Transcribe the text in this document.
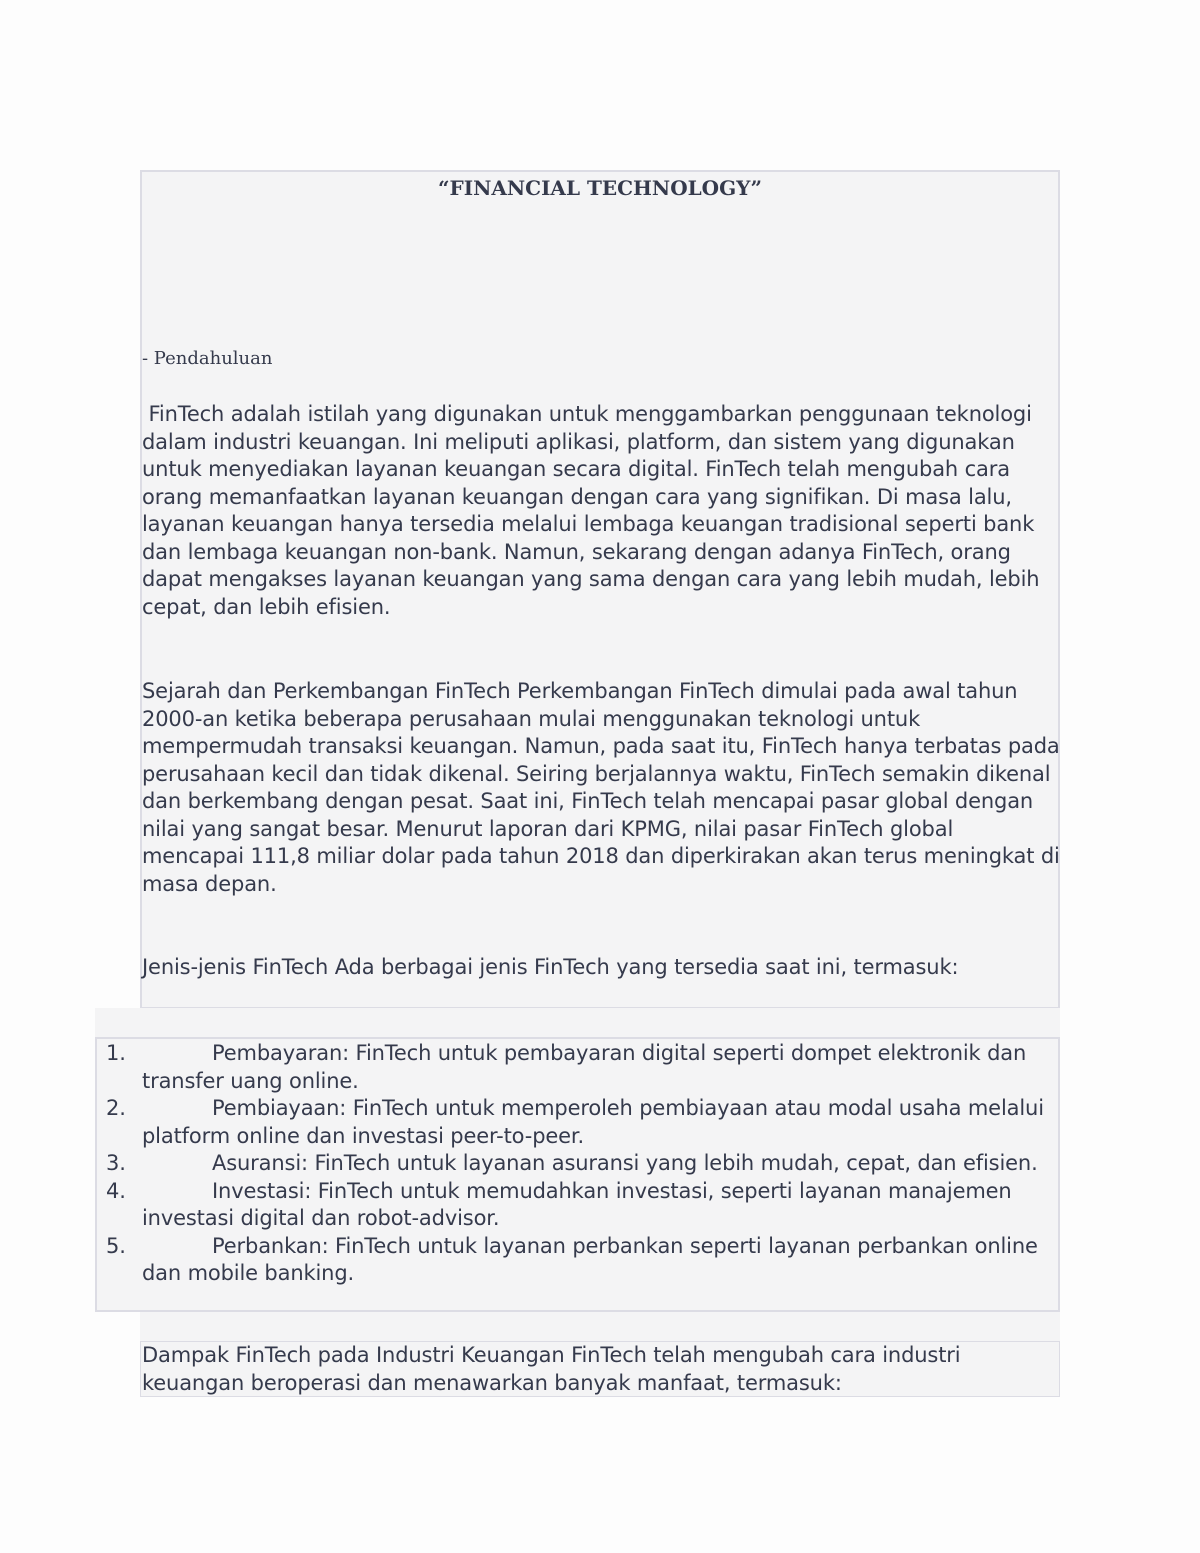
“FINANCIAL TECHNOLOGY”

- Pendahuluan

FinTech adalah istilah yang digunakan untuk menggambarkan penggunaan teknologi dalam industri keuangan. Ini meliputi aplikasi, platform, dan sistem yang digunakan untuk menyediakan layanan keuangan secara digital. FinTech telah mengubah cara orang memanfaatkan layanan keuangan dengan cara yang signifikan. Di masa lalu, layanan keuangan hanya tersedia melalui lembaga keuangan tradisional seperti bank dan lembaga keuangan non-bank. Namun, sekarang dengan adanya FinTech, orang dapat mengakses layanan keuangan yang sama dengan cara yang lebih mudah, lebih cepat, dan lebih efisien.

Sejarah dan Perkembangan FinTech Perkembangan FinTech dimulai pada awal tahun 2000-an ketika beberapa perusahaan mulai menggunakan teknologi untuk mempermudah transaksi keuangan. Namun, pada saat itu, FinTech hanya terbatas pada perusahaan kecil dan tidak dikenal. Seiring berjalannya waktu, FinTech semakin dikenal dan berkembang dengan pesat. Saat ini, FinTech telah mencapai pasar global dengan nilai yang sangat besar. Menurut laporan dari KPMG, nilai pasar FinTech global mencapai 111,8 miliar dolar pada tahun 2018 dan diperkirakan akan terus meningkat di masa depan.

Jenis-jenis FinTech Ada berbagai jenis FinTech yang tersedia saat ini, termasuk:

1.	Pembayaran: FinTech untuk pembayaran digital seperti dompet elektronik dan transfer uang online.
2.	Pembiayaan: FinTech untuk memperoleh pembiayaan atau modal usaha melalui platform online dan investasi peer-to-peer.
3.	Asuransi: FinTech untuk layanan asuransi yang lebih mudah, cepat, dan efisien.
4.	Investasi: FinTech untuk memudahkan investasi, seperti layanan manajemen investasi digital dan robot-advisor.
5.	Perbankan: FinTech untuk layanan perbankan seperti layanan perbankan online dan mobile banking.

Dampak FinTech pada Industri Keuangan FinTech telah mengubah cara industri keuangan beroperasi dan menawarkan banyak manfaat, termasuk:
